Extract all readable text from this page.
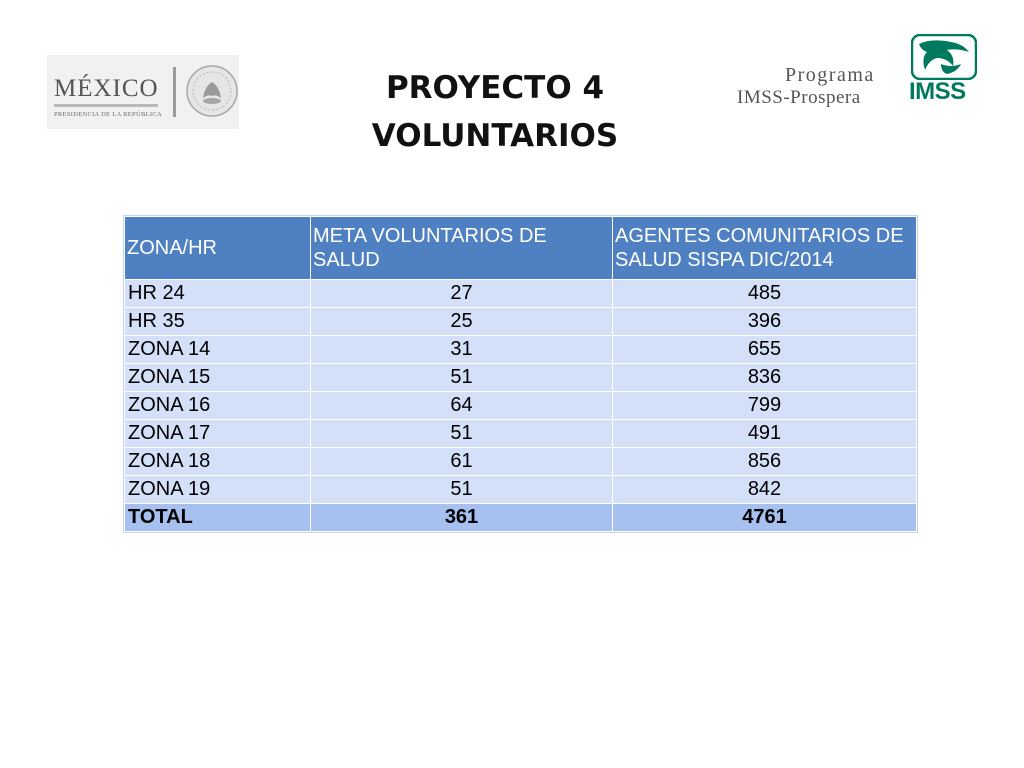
MÉXICO
PRESIDENCIA DE LA REPÚBLICA
PROYECTO 4
VOLUNTARIOS
Programa
IMSS-Prospera IMSS
ZONA/HR	META VOLUNTARIOS DE SALUD	AGENTES COMUNITARIOS DE SALUD SISPA DIC/2014
HR 24	27	485
HR 35	25	396
ZONA 14	31	655
ZONA 15	51	836
ZONA 16	64	799
ZONA 17	51	491
ZONA 18	61	856
ZONA 19	51	842
TOTAL	361	4761
